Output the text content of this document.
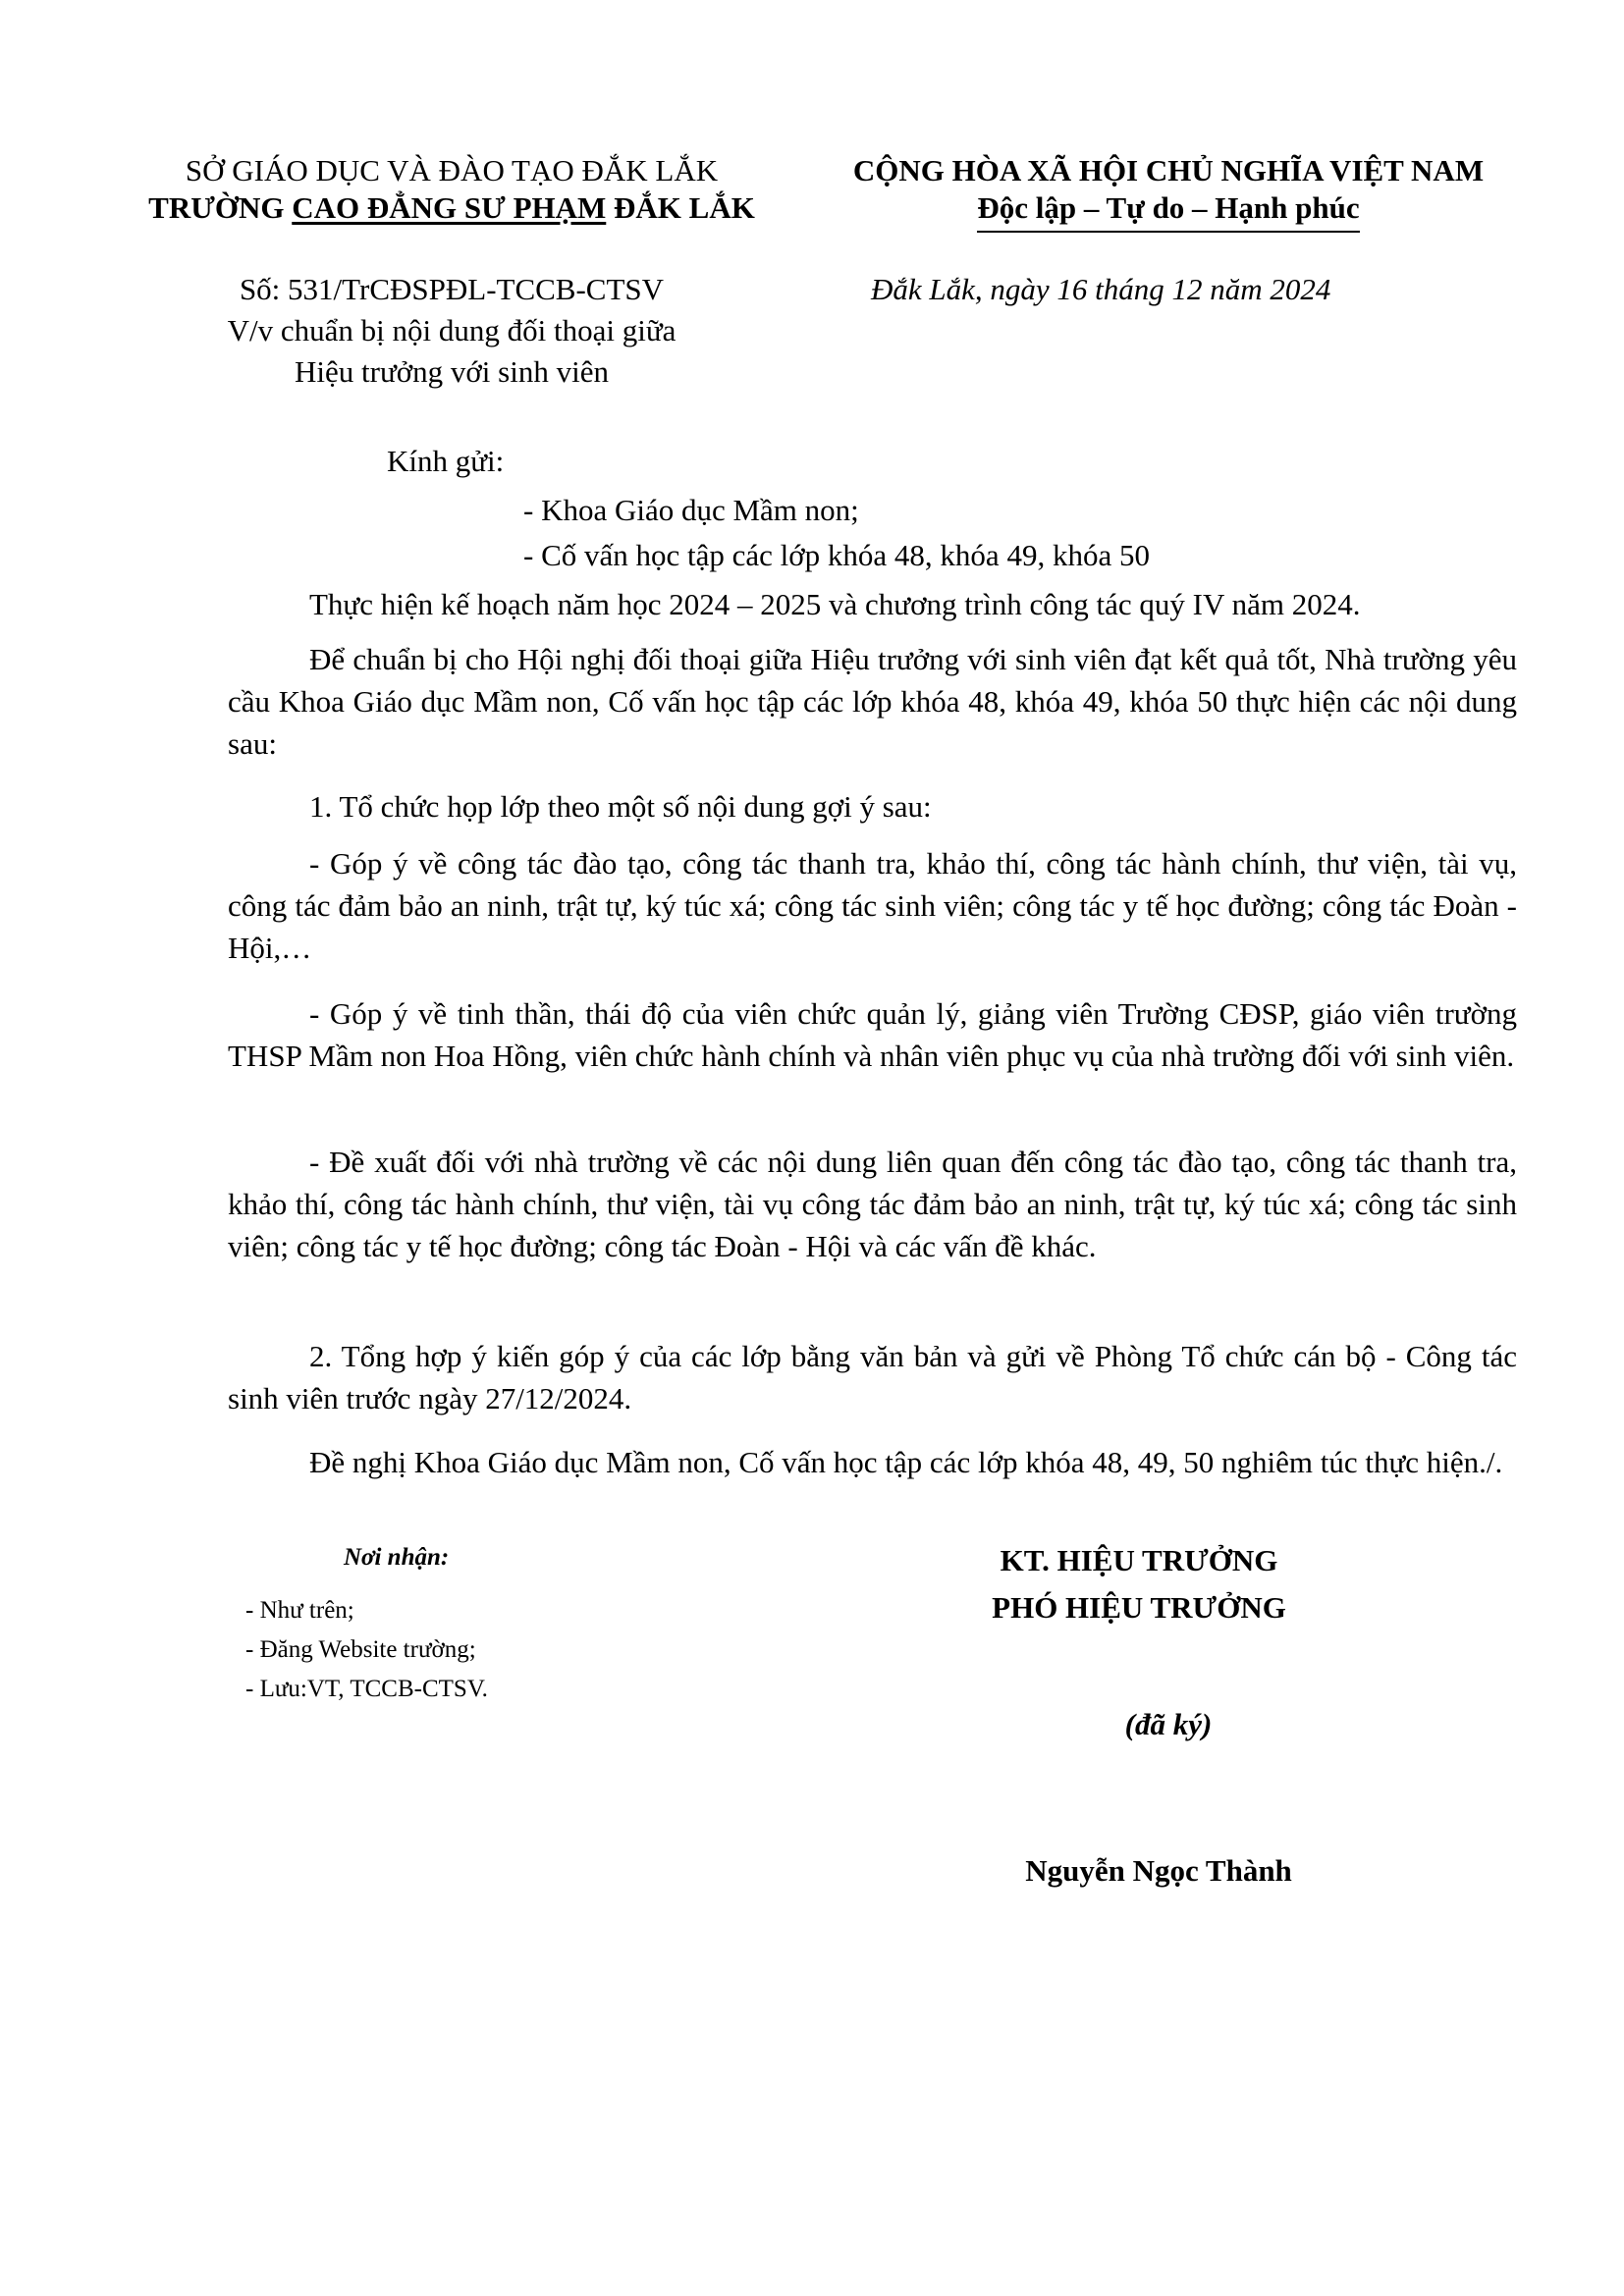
SỞ GIÁO DỤC VÀ ĐÀO TẠO ĐẮK LẮK
TRƯỜNG CAO ĐẲNG SƯ PHẠM ĐẮK LẮK
CỘNG HÒA XÃ HỘI CHỦ NGHĨA VIỆT NAM
Độc lập – Tự do – Hạnh phúc
Số: 531/TrCĐSPĐL-TCCB-CTSV
V/v chuẩn bị nội dung đối thoại giữa
Hiệu trưởng với sinh viên
Đắk Lắk, ngày 16 tháng 12 năm 2024
Kính gửi:
- Khoa Giáo dục Mầm non;
- Cố vấn học tập các lớp khóa 48, khóa 49, khóa 50
Thực hiện kế hoạch năm học 2024 – 2025 và chương trình công tác quý IV năm 2024.
Để chuẩn bị cho Hội nghị đối thoại giữa Hiệu trưởng với sinh viên đạt kết quả tốt, Nhà trường yêu cầu Khoa Giáo dục Mầm non, Cố vấn học tập các lớp khóa 48, khóa 49, khóa 50 thực hiện các nội dung sau:
1. Tổ chức họp lớp theo một số nội dung gợi ý sau:
- Góp ý về công tác đào tạo, công tác thanh tra, khảo thí, công tác hành chính, thư viện, tài vụ, công tác đảm bảo an ninh, trật tự, ký túc xá; công tác sinh viên; công tác y tế học đường; công tác Đoàn - Hội,…
- Góp ý về tinh thần, thái độ của viên chức quản lý, giảng viên Trường CĐSP, giáo viên trường THSP Mầm non Hoa Hồng, viên chức hành chính và nhân viên phục vụ của nhà trường đối với sinh viên.
- Đề xuất đối với nhà trường về các nội dung liên quan đến công tác đào tạo, công tác thanh tra, khảo thí, công tác hành chính, thư viện, tài vụ công tác đảm bảo an ninh, trật tự, ký túc xá; công tác sinh viên; công tác y tế học đường; công tác Đoàn - Hội và các vấn đề khác.
2. Tổng hợp ý kiến góp ý của các lớp bằng văn bản và gửi về Phòng Tổ chức cán bộ - Công tác sinh viên trước ngày 27/12/2024.
Đề nghị Khoa Giáo dục Mầm non, Cố vấn học tập các lớp khóa 48, 49, 50 nghiêm túc thực hiện./.
Nơi nhận:
- Như trên;
- Đăng Website trường;
- Lưu:VT, TCCB-CTSV.
KT. HIỆU TRƯỞNG
PHÓ HIỆU TRƯỞNG
(đã ký)
Nguyễn Ngọc Thành
